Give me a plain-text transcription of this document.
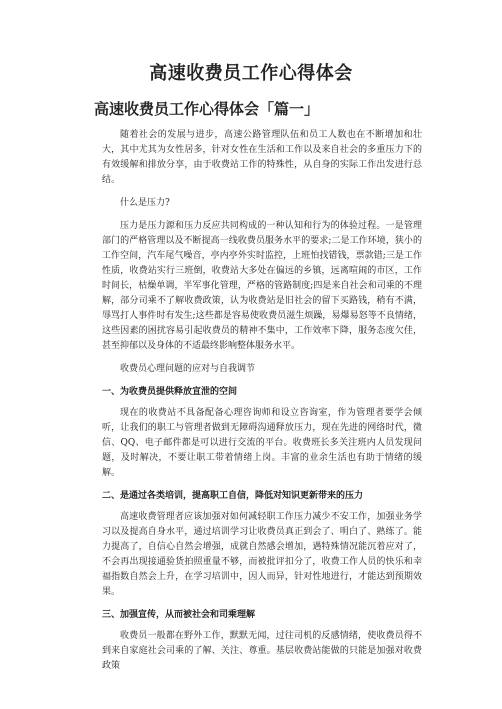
高速收费员工作心得体会
高速收费员工作心得体会「篇一」

随着社会的发展与进步，高速公路管理队伍和员工人数也在不断增加和壮大，其中尤其为女性居多，针对女性在生活和工作以及来自社会的多重压力下的有效缓解和排放分享，由于收费站工作的特殊性，从自身的实际工作出发进行总结。

什么是压力?

压力是压力源和压力反应共同构成的一种认知和行为的体验过程。一是管理部门的严格管理以及不断提高一线收费员服务水平的要求;二是工作环境，狭小的工作空间，汽车尾气噪音，亭内亭外实时监控，上班怕找错钱，票款错;三是工作性质，收费站实行三班倒，收费站大多处在偏远的乡镇，远离喧闹的市区，工作时间长，枯燥单调，半军事化管理，严格的管路制度;四是来自社会和司乘的不理解，部分司乘不了解收费政策，认为收费站是旧社会的留下买路钱，稍有不满，辱骂打人事件时有发生;这些都是容易使收费员滋生烦躁，易爆易怒等不良情绪，这些因素的困扰容易引起收费员的精神不集中，工作效率下降，服务态度欠佳，甚至抑郁以及身体的不适最终影响整体服务水平。

收费员心理问题的应对与自我调节

一、为收费员提供释放宣泄的空间

现在的收费站不具备配备心理咨询师和设立咨询室，作为管理者要学会倾听，让我们的职工与管理者做到无障碍沟通释放压力，现在先进的网络时代，微信、QQ、电子邮件都是可以进行交流的平台。收费班长多关注班内人员发现问题，及时解决，不要让职工带着情绪上岗。丰富的业余生活也有助于情绪的缓解。

二、是通过各类培训，提高职工自信，降低对知识更新带来的压力

高速收费管理者应该加强对如何减轻职工作压力减少不安工作，加强业务学习以及提高自身水平，通过培训学习让收费员真正到会了、明白了、熟练了。能力提高了，自信心自然会增强，成就自然感会增加，遇特殊情况能沉着应对了，不会再出现接通验货拍照重量不够，而被批评扣分了，收费工作人员的快乐和幸福指数自然会上升，在学习培训中，因人而异，针对性地进行，才能达到预期效果。

三、加强宣传，从而被社会和司乘理解

收费员一般都在野外工作，默默无闻，过往司机的反感情绪，使收费员得不到来自家庭社会司乘的了解、关注、尊重。基层收费站能做的只能是加强对收费政策
